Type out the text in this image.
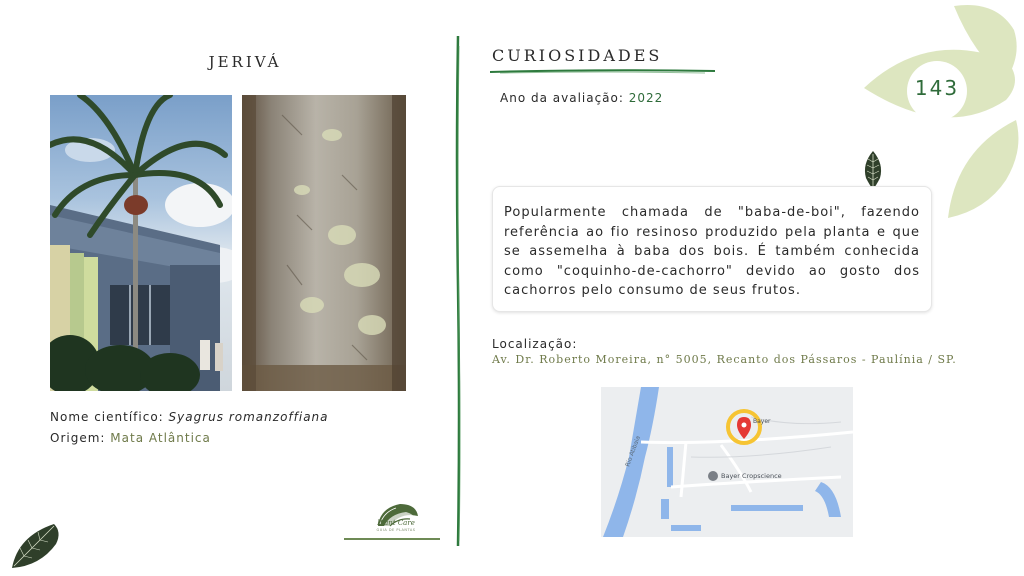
JERIVÁ
Nome científico: Syagrus romanzoffiana
Origem: Mata Atlântica
CURIOSIDADES
Ano da avaliação: 2022

Popularmente chamada de "baba-de-boi", fazendo referência ao fio resinoso produzido pela planta e que se assemelha à baba dos bois. É também conhecida como "coquinho-de-cachorro" devido ao gosto dos cachorros pelo consumo de seus frutos.

Localização:
Av. Dr. Roberto Moreira, n° 5005, Recanto dos Pássaros - Paulínia / SP.
Rio Atibaia
Bayer Cropscience
Bayer
143
Plant Care
GUIA DE PLANTAS
